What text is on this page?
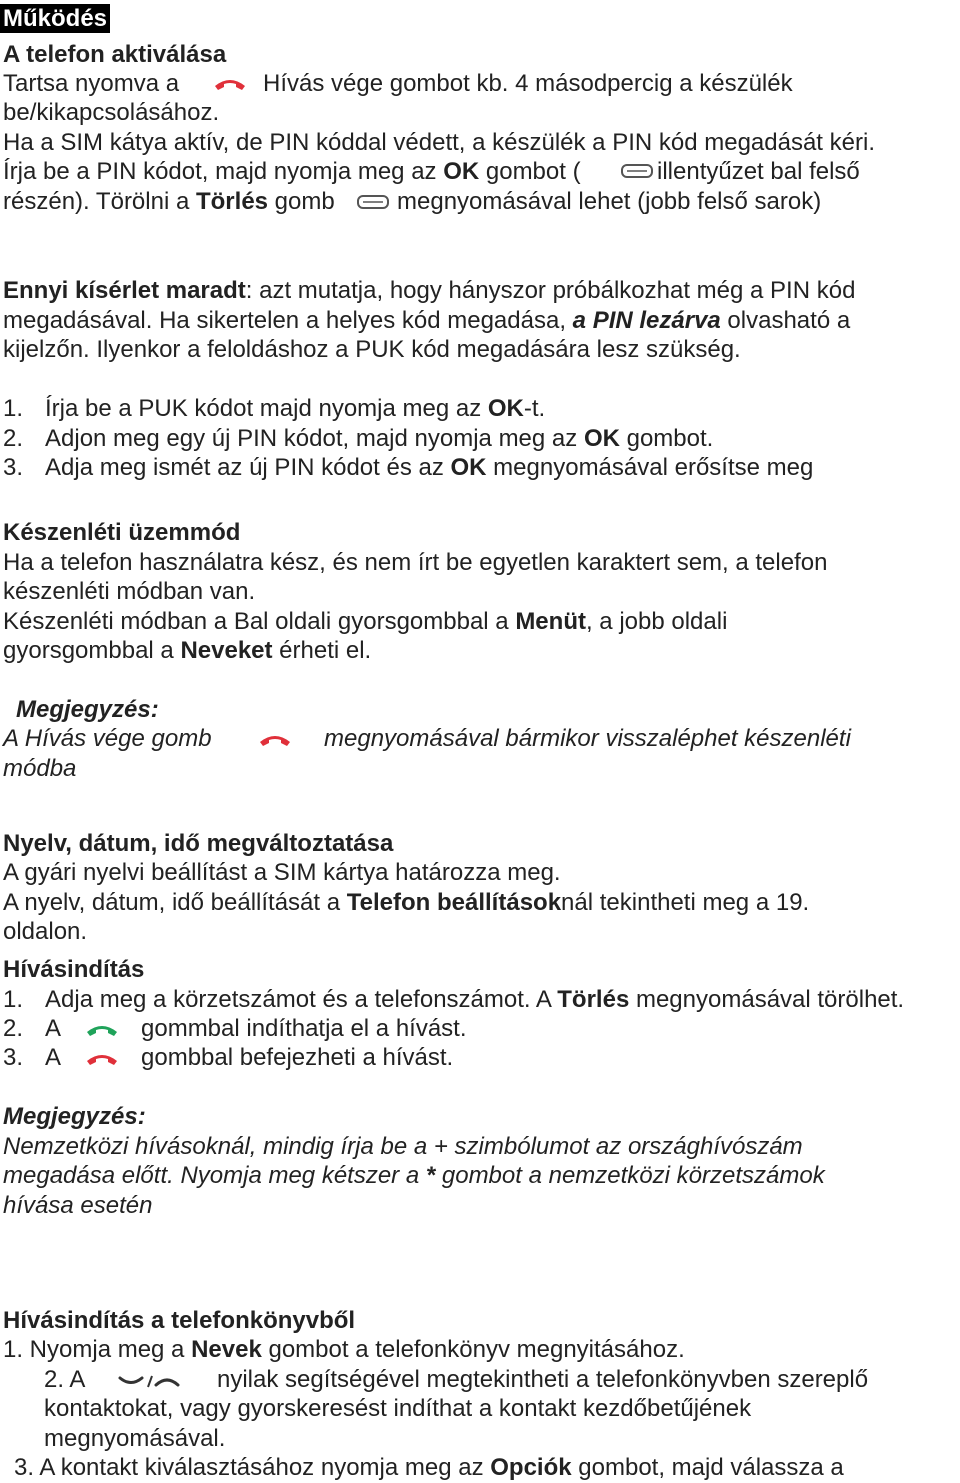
Működés
A telefon aktiválása
Tartsa nyomva a	Hívás vége gombot kb. 4 másodpercig a készülék
be/kikapcsolásához.
Ha a SIM kátya aktív, de PIN kóddal védett, a készülék a PIN kód megadását kéri.
Írja be a PIN kódot, majd nyomja meg az OK gombot (	illentyűzet bal felső
részén). Törölni a Törlés gomb	megnyomásával lehet (jobb felső sarok)
Ennyi kísérlet maradt: azt mutatja, hogy hányszor próbálkozhat még a PIN kód
megadásával. Ha sikertelen a helyes kód megadása, a PIN lezárva olvasható a
kijelzőn. Ilyenkor a feloldáshoz a PUK kód megadására lesz szükség.
1. Írja be a PUK kódot majd nyomja meg az OK-t.
2. Adjon meg egy új PIN kódot, majd nyomja meg az OK gombot.
3. Adja meg ismét az új PIN kódot és az OK megnyomásával erősítse meg
Készenléti üzemmód
Ha a telefon használatra kész, és nem írt be egyetlen karaktert sem, a telefon
készenléti módban van.
Készenléti módban a Bal oldali gyorsgombbal a Menüt, a jobb oldali
gyorsgombbal a Neveket érheti el.
Megjegyzés:
A Hívás vége gomb	megnyomásával bármikor visszaléphet készenléti
módba
Nyelv, dátum, idő megváltoztatása
A gyári nyelvi beállítást a SIM kártya határozza meg.
A nyelv, dátum, idő beállítását a Telefon beállításoknál tekintheti meg a 19.
oldalon.
Hívásindítás
1. Adja meg a körzetszámot és a telefonszámot. A Törlés megnyomásával törölhet.
2. A	gommbal indíthatja el a hívást.
3. A	gombbal befejezheti a hívást.
Megjegyzés:
Nemzetközi hívásoknál, mindig írja be a + szimbólumot az országhívószám
megadása előtt. Nyomja meg kétszer a * gombot a nemzetközi körzetszámok
hívása esetén
Hívásindítás a telefonkönyvből
1. Nyomja meg a Nevek gombot a telefonkönyv megnyitásához.
2. A	nyilak segítségével megtekintheti a telefonkönyvben szereplő
kontaktokat, vagy gyorskeresést indíthat a kontakt kezdőbetűjének
megnyomásával.
3. A kontakt kiválasztásához nyomja meg az Opciók gombot, majd válassza a
